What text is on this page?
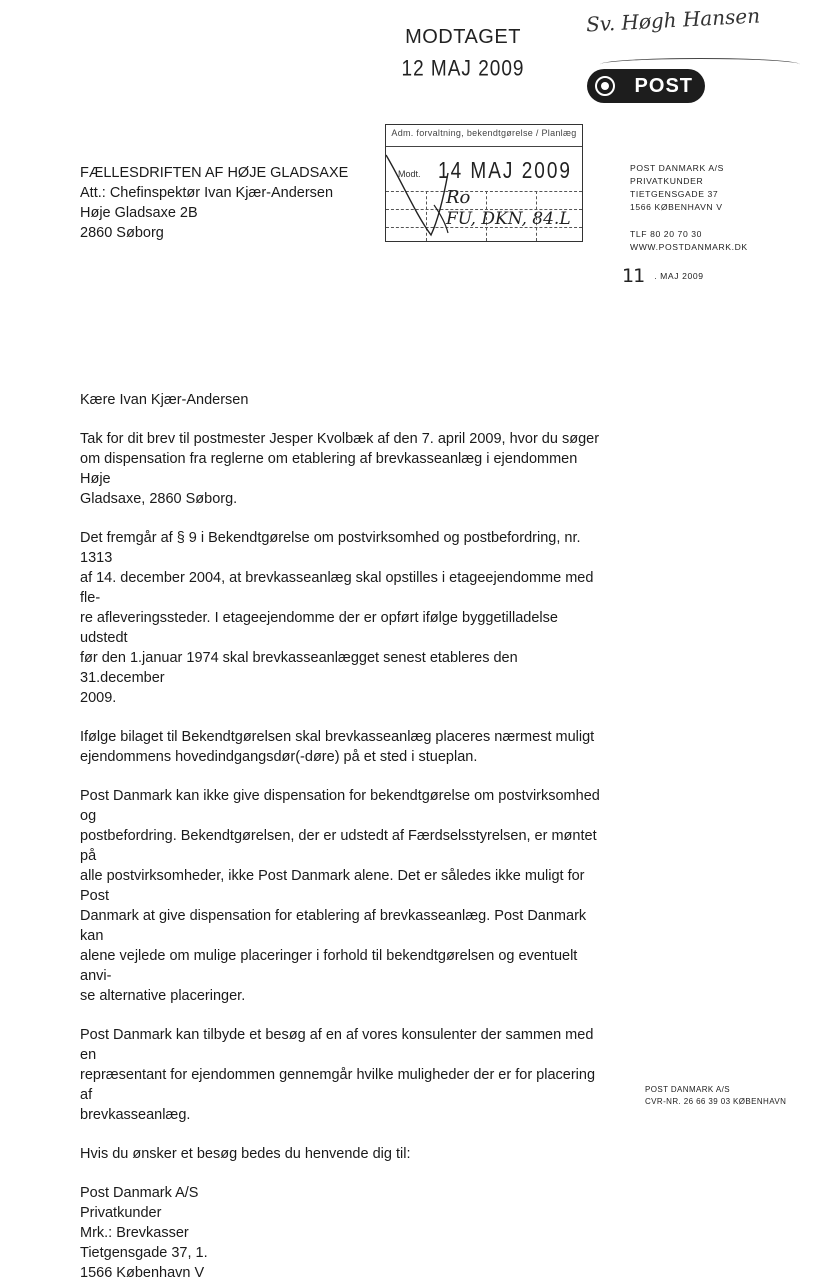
MODTAGET
12 MAJ 2009
Sv. Høgh Hansen
POST
Adm. forvaltning, bekendtgørelse / Planlæg
Modt. 14 MAJ 2009
Ro
FU, DKN, 84.L
FÆLLESDRIFTEN AF HØJE GLADSAXE
Att.: Chefinspektør Ivan Kjær-Andersen
Høje Gladsaxe 2B
2860 Søborg
POST DANMARK A/S
PRIVATKUNDER
TIETGENSGADE 37
1566 KØBENHAVN V
TLF 80 20 70 30
WWW.POSTDANMARK.DK
11 . MAJ 2009

Kære Ivan Kjær-Andersen

Tak for dit brev til postmester Jesper Kvolbæk af den 7. april 2009, hvor du søger
om dispensation fra reglerne om etablering af brevkasseanlæg i ejendommen Høje
Gladsaxe, 2860 Søborg.
Det fremgår af § 9 i Bekendtgørelse om postvirksomhed og postbefordring, nr. 1313
af 14. december 2004, at brevkasseanlæg skal opstilles i etageejendomme med fle-
re afleveringssteder. I etageejendomme der er opført ifølge byggetilladelse udstedt
før den 1.januar 1974 skal brevkasseanlægget senest etableres den 31.december
2009.
Ifølge bilaget til Bekendtgørelsen skal brevkasseanlæg placeres nærmest muligt
ejendommens hovedindgangsdør(-døre) på et sted i stueplan.
Post Danmark kan ikke give dispensation for bekendtgørelse om postvirksomhed og
postbefordring. Bekendtgørelsen, der er udstedt af Færdselsstyrelsen, er møntet på
alle postvirksomheder, ikke Post Danmark alene. Det er således ikke muligt for Post
Danmark at give dispensation for etablering af brevkasseanlæg. Post Danmark kan
alene vejlede om mulige placeringer i forhold til bekendtgørelsen og eventuelt anvi-
se alternative placeringer.
Post Danmark kan tilbyde et besøg af en af vores konsulenter der sammen med en
repræsentant for ejendommen gennemgår hvilke muligheder der er for placering af
brevkasseanlæg.
Hvis du ønsker et besøg bedes du henvende dig til:
Post Danmark A/S
Privatkunder
Mrk.: Brevkasser
Tietgensgade 37, 1.
1566 København V
POST DANMARK A/S
CVR-NR. 26 66 39 03 KØBENHAVN
